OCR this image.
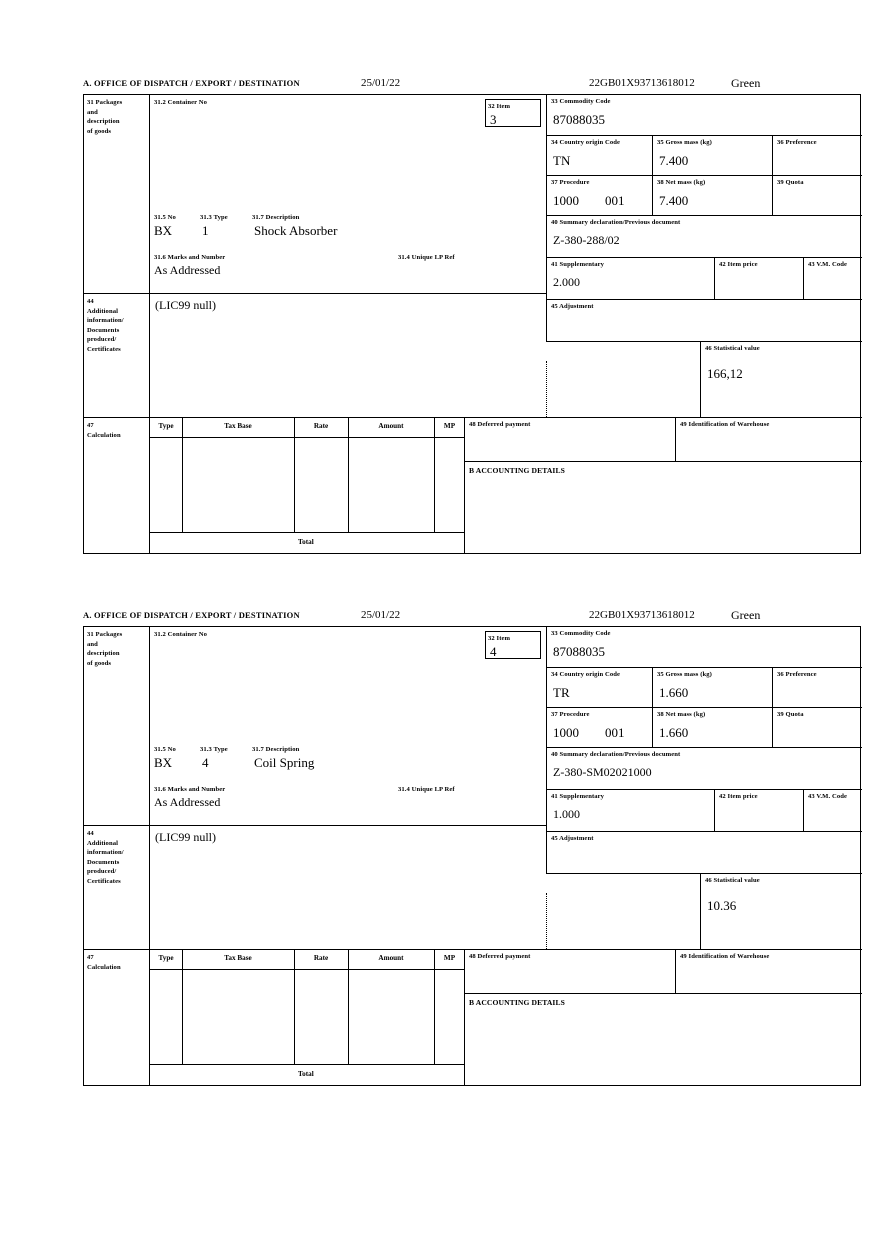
A. OFFICE OF DISPATCH / EXPORT / DESTINATION	25/01/22	22GB01X93713618012	Green
31 Packages
and
description
of goods
31.2 Container No
31.5 No	31.3 Type	31.7 Description
BX 1	Shock Absorber
31.6 Marks and Number	31.4 Unique I.P Ref
As Addressed
32 Item
3
44
Additional
information/
Documents
produced/
Certificates
(LIC99 null)
47
Calculation
Type	Tax Base	Rate	Amount	MP
Total
48 Deferred payment	49 Identification of Warehouse
B ACCOUNTING DETAILS
33 Commodity Code
87088035
34 Country origin Code
TN
35 Gross mass (kg)
7.400
36 Preference
37 Procedure
1000        001
38 Net mass (kg)
7.400
39 Quota
40 Summary declaration/Previous document
Z-380-288/02
41 Supplementary
2.000
42 Item price	43 V.M. Code
45 Adjustment
46 Statistical value
166,12
A. OFFICE OF DISPATCH / EXPORT / DESTINATION	25/01/22	22GB01X93713618012	Green
31 Packages
and
description
of goods
31.2 Container No
31.5 No	31.3 Type	31.7 Description
BX 4	Coil Spring
31.6 Marks and Number	31.4 Unique I.P Ref
As Addressed
32 Item
4
44
Additional
information/
Documents
produced/
Certificates
(LIC99 null)
47
Calculation
Type	Tax Base	Rate	Amount	MP
Total
48 Deferred payment	49 Identification of Warehouse
B ACCOUNTING DETAILS
33 Commodity Code
87088035
34 Country origin Code
TR
35 Gross mass (kg)
1.660
36 Preference
37 Procedure
1000        001
38 Net mass (kg)
1.660
39 Quota
40 Summary declaration/Previous document
Z-380-SM02021000
41 Supplementary
1.000
42 Item price	43 V.M. Code
45 Adjustment
46 Statistical value
10.36
